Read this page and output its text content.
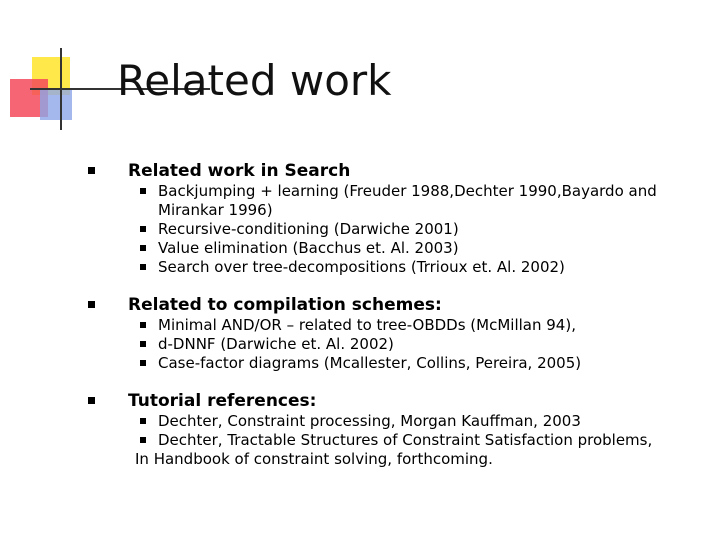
Related work
Related work in Search
Backjumping + learning (Freuder 1988,Dechter 1990,Bayardo and Mirankar 1996)
Recursive-conditioning (Darwiche 2001)
Value elimination (Bacchus et. Al. 2003)
Search over tree-decompositions (Trrioux et. Al. 2002)
Related to compilation schemes:
Minimal AND/OR – related to tree-OBDDs (McMillan 94),
d-DNNF (Darwiche et. Al. 2002)
Case-factor diagrams (Mcallester, Collins, Pereira, 2005)
Tutorial references:
Dechter, Constraint processing, Morgan Kauffman, 2003
Dechter, Tractable Structures of Constraint Satisfaction problems,
In Handbook of constraint solving, forthcoming.
